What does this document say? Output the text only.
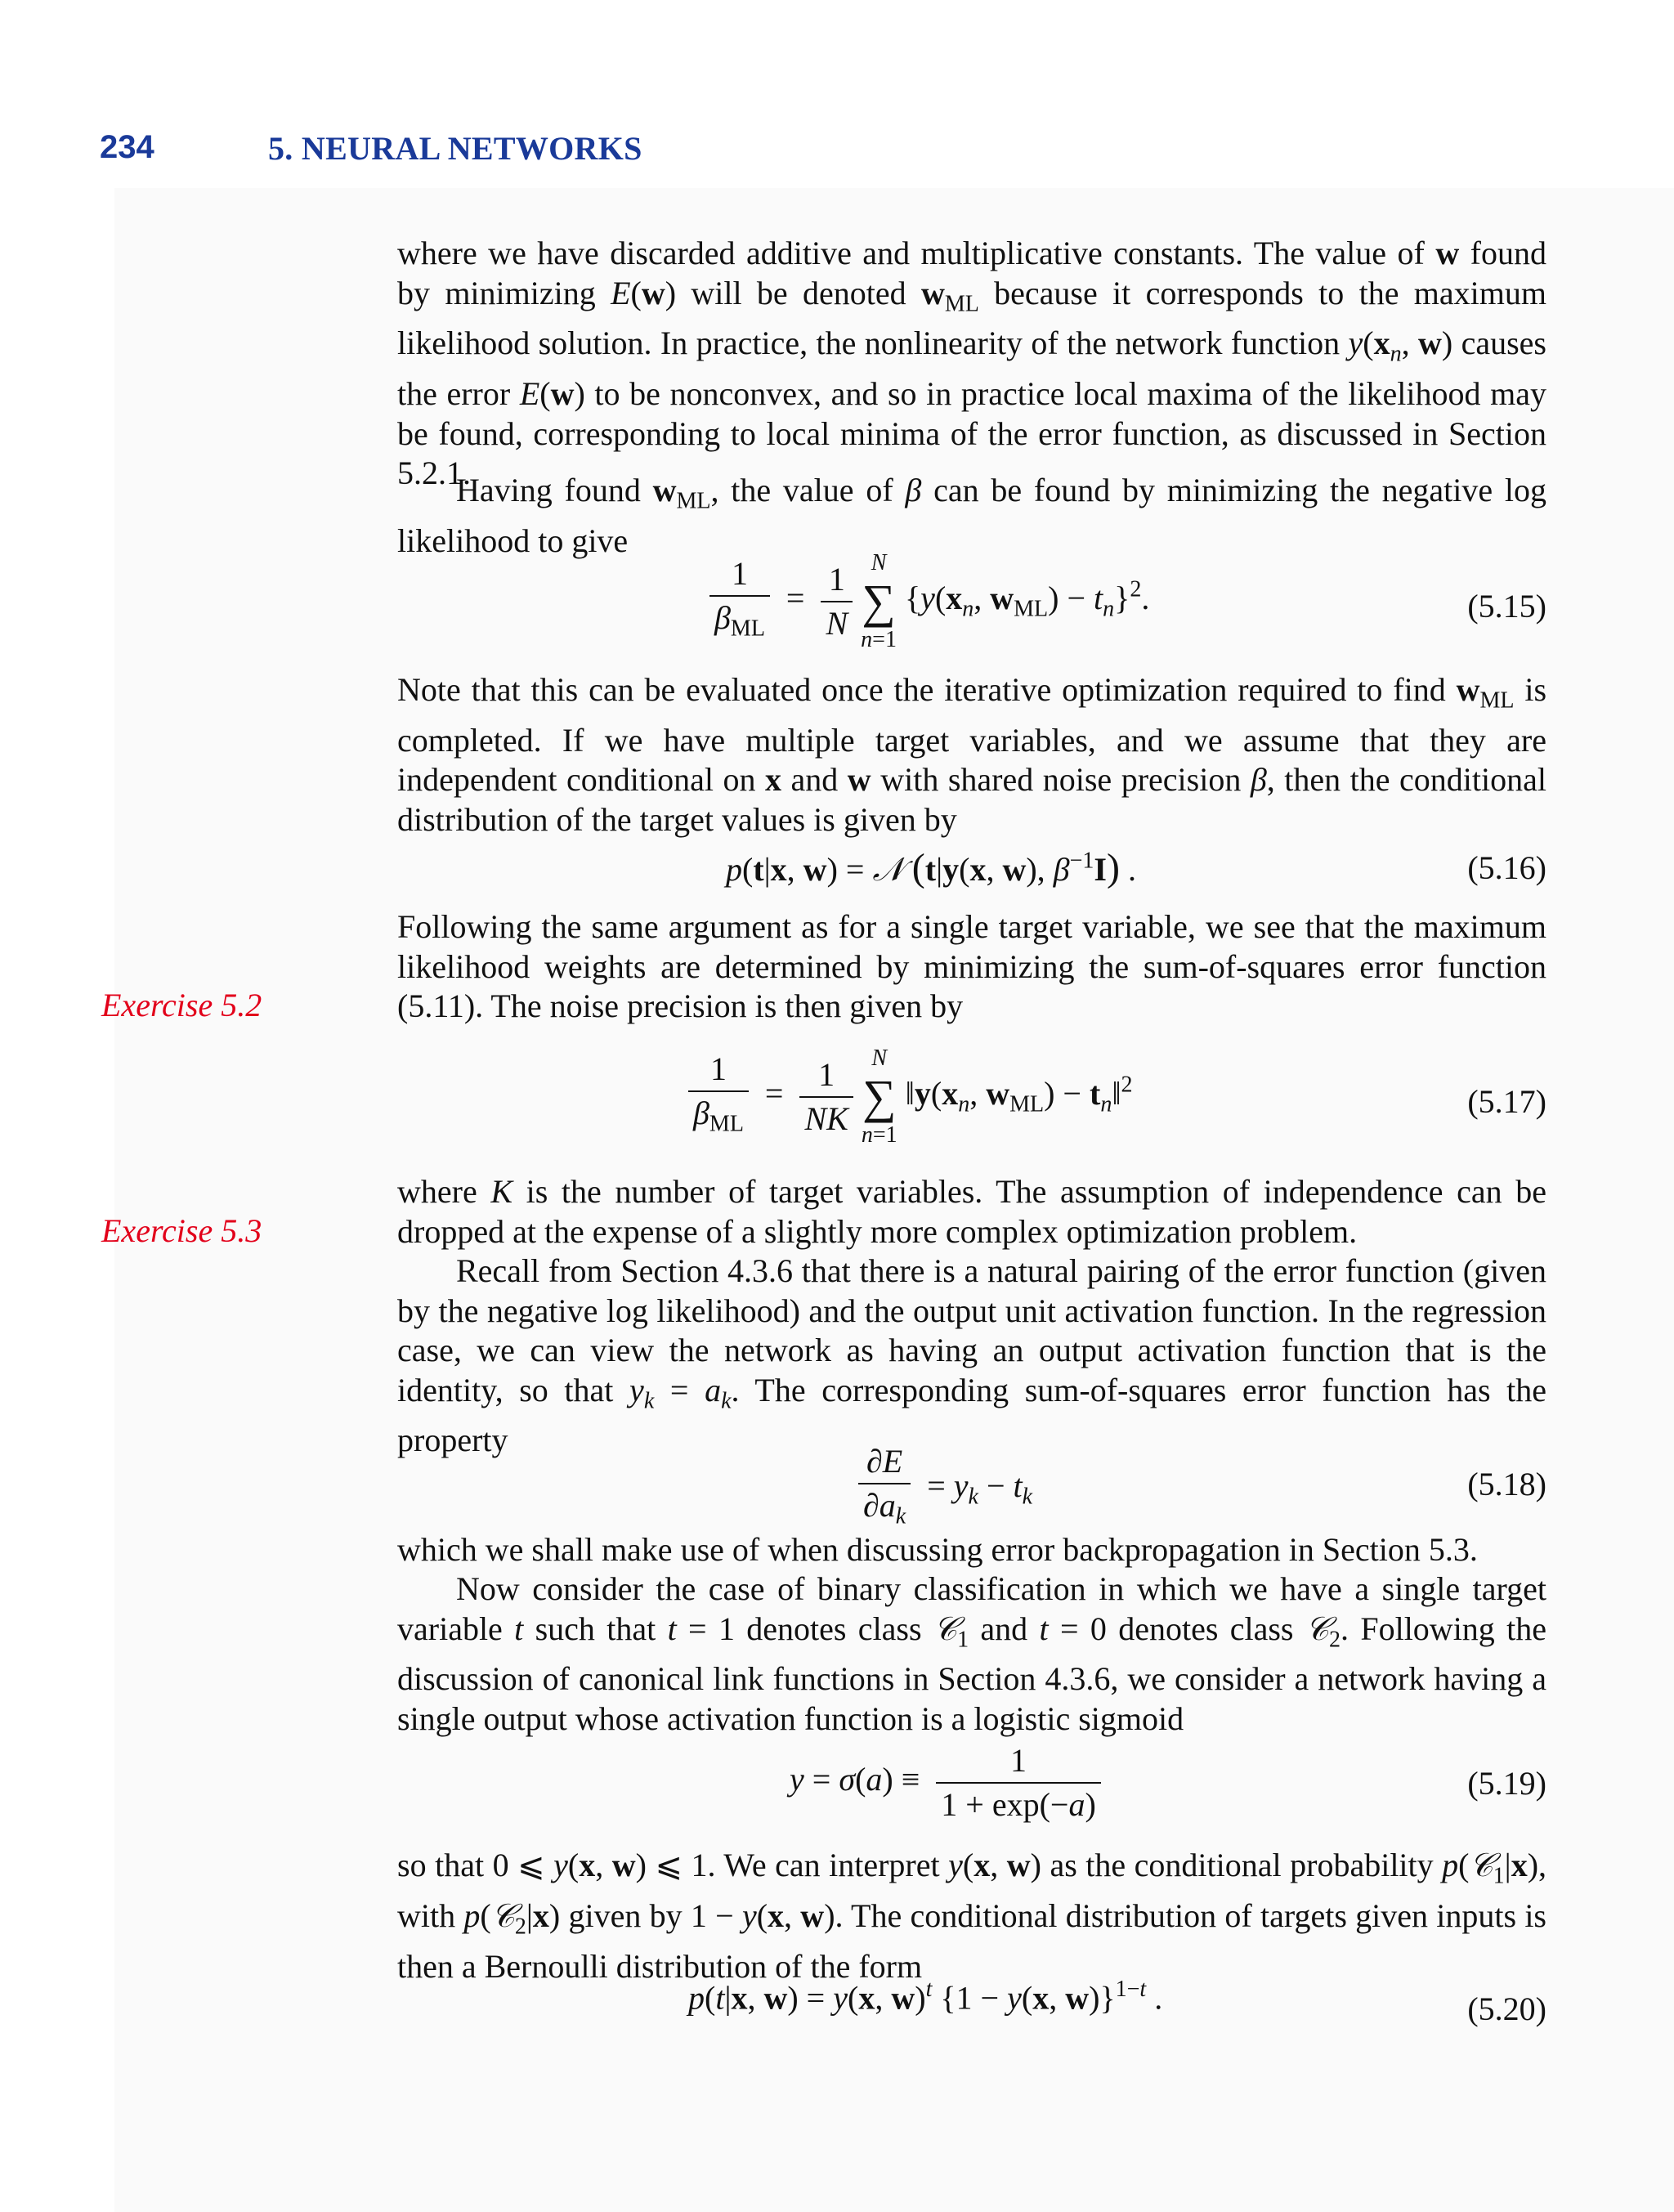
234	5. NEURAL NETWORKS

where we have discarded additive and multiplicative constants. The value of w found by minimizing E(w) will be denoted $w_{ML}$ because it corresponds to the maximum likelihood solution. In practice, the nonlinearity of the network function $y(x_n$, w) causes the error E(w) to be nonconvex, and so in practice local maxima of the likelihood may be found, corresponding to local minima of the error function, as discussed in Section 5.2.1.

Having found $w_{ML}$, the value of β can be found by minimizing the negative log likelihood to give

$\frac{1}{\beta_{ML}} = \frac{1}{N}$
N
∑
n=1
{$y(x_n$, $w_{ML}) - t_n\}^2$.	(5.15)

Note that this can be evaluated once the iterative optimization required to find $w_{ML}$ is completed. If we have multiple target variables, and we assume that they are independent conditional on x and w with shared noise precision β, then the conditional distribution of the target values is given by

p(t|x, w) = 𝒩 (t|y(x, w), $\beta^{-1}I$) .	(5.16)

Following the same argument as for a single target variable, we see that the maximum likelihood weights are determined by minimizing the sum-of-squares error function (5.11). The noise precision is then given by

Exercise 5.2
$\frac{1}{\beta_{ML}} = \frac{1}{NK}$
N
∑
n=1
$‖y(x_n$, $w_{ML}$) − $t_n‖^2$	(5.17)

where K is the number of target variables. The assumption of independence can be dropped at the expense of a slightly more complex optimization problem.

Exercise 5.3

Recall from Section 4.3.6 that there is a natural pairing of the error function (given by the negative log likelihood) and the output unit activation function. In the regression case, we can view the network as having an output activation function that is the identity, so that $y_k = a_k$. The corresponding sum-of-squares error function has the property

$\frac{\partial E}{\partial a_k} = y_k - t_k$	(5.18)

which we shall make use of when discussing error backpropagation in Section 5.3.

Now consider the case of binary classification in which we have a single target variable t such that t = 1 denotes class 𝒞$_1$ and t = 0 denotes class 𝒞$_2$. Following the discussion of canonical link functions in Section 4.3.6, we consider a network having a single output whose activation function is a logistic sigmoid

$y = \sigma(a) \equiv \frac{1}{1 + \exp(-a)}$	(5.19)

so that 0 ⩽ y(x, w) ⩽ 1. We can interpret y(x, w) as the conditional probability p(𝒞$_1$|x), with p(𝒞$_2$|x) given by 1 − y(x, w). The conditional distribution of targets given inputs is then a Bernoulli distribution of the form

p(t|x, w) = y(x, w)$^t$ {1 − y(x, w)}$^{1-t}$ .	(5.20)
